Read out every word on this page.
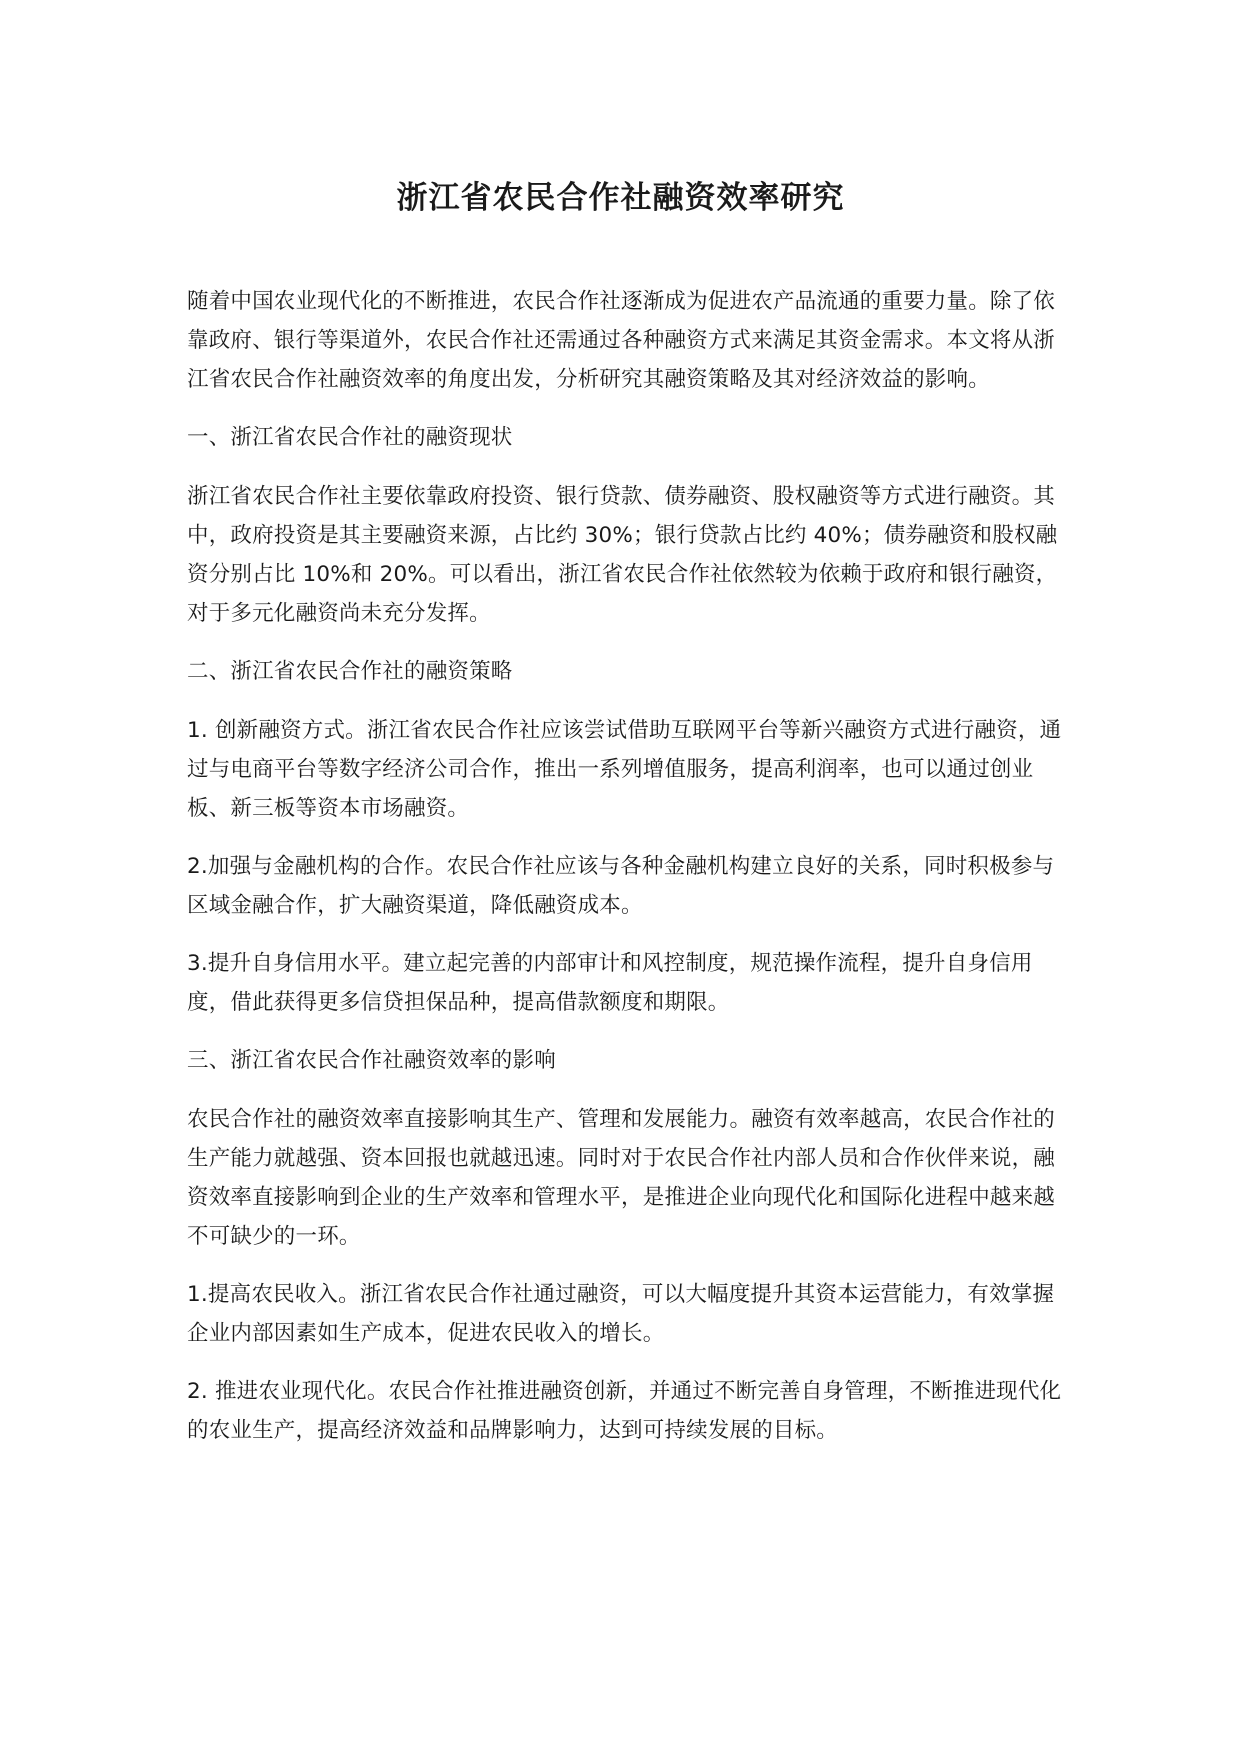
浙江省农民合作社融资效率研究

随着中国农业现代化的不断推进，农民合作社逐渐成为促进农产品流通的重要力量。除了依靠政府、银行等渠道外，农民合作社还需通过各种融资方式来满足其资金需求。本文将从浙江省农民合作社融资效率的角度出发，分析研究其融资策略及其对经济效益的影响。

一、浙江省农民合作社的融资现状

浙江省农民合作社主要依靠政府投资、银行贷款、债券融资、股权融资等方式进行融资。其中，政府投资是其主要融资来源，占比约 30%；银行贷款占比约 40%；债券融资和股权融资分别占比 10%和 20%。可以看出，浙江省农民合作社依然较为依赖于政府和银行融资，对于多元化融资尚未充分发挥。

二、浙江省农民合作社的融资策略

1. 创新融资方式。浙江省农民合作社应该尝试借助互联网平台等新兴融资方式进行融资，通过与电商平台等数字经济公司合作，推出一系列增值服务，提高利润率，也可以通过创业板、新三板等资本市场融资。

2.加强与金融机构的合作。农民合作社应该与各种金融机构建立良好的关系，同时积极参与区域金融合作，扩大融资渠道，降低融资成本。

3.提升自身信用水平。建立起完善的内部审计和风控制度，规范操作流程，提升自身信用度，借此获得更多信贷担保品种，提高借款额度和期限。

三、浙江省农民合作社融资效率的影响

农民合作社的融资效率直接影响其生产、管理和发展能力。融资有效率越高，农民合作社的生产能力就越强、资本回报也就越迅速。同时对于农民合作社内部人员和合作伙伴来说，融资效率直接影响到企业的生产效率和管理水平，是推进企业向现代化和国际化进程中越来越不可缺少的一环。

1.提高农民收入。浙江省农民合作社通过融资，可以大幅度提升其资本运营能力，有效掌握企业内部因素如生产成本，促进农民收入的增长。

2. 推进农业现代化。农民合作社推进融资创新，并通过不断完善自身管理，不断推进现代化的农业生产，提高经济效益和品牌影响力，达到可持续发展的目标。
